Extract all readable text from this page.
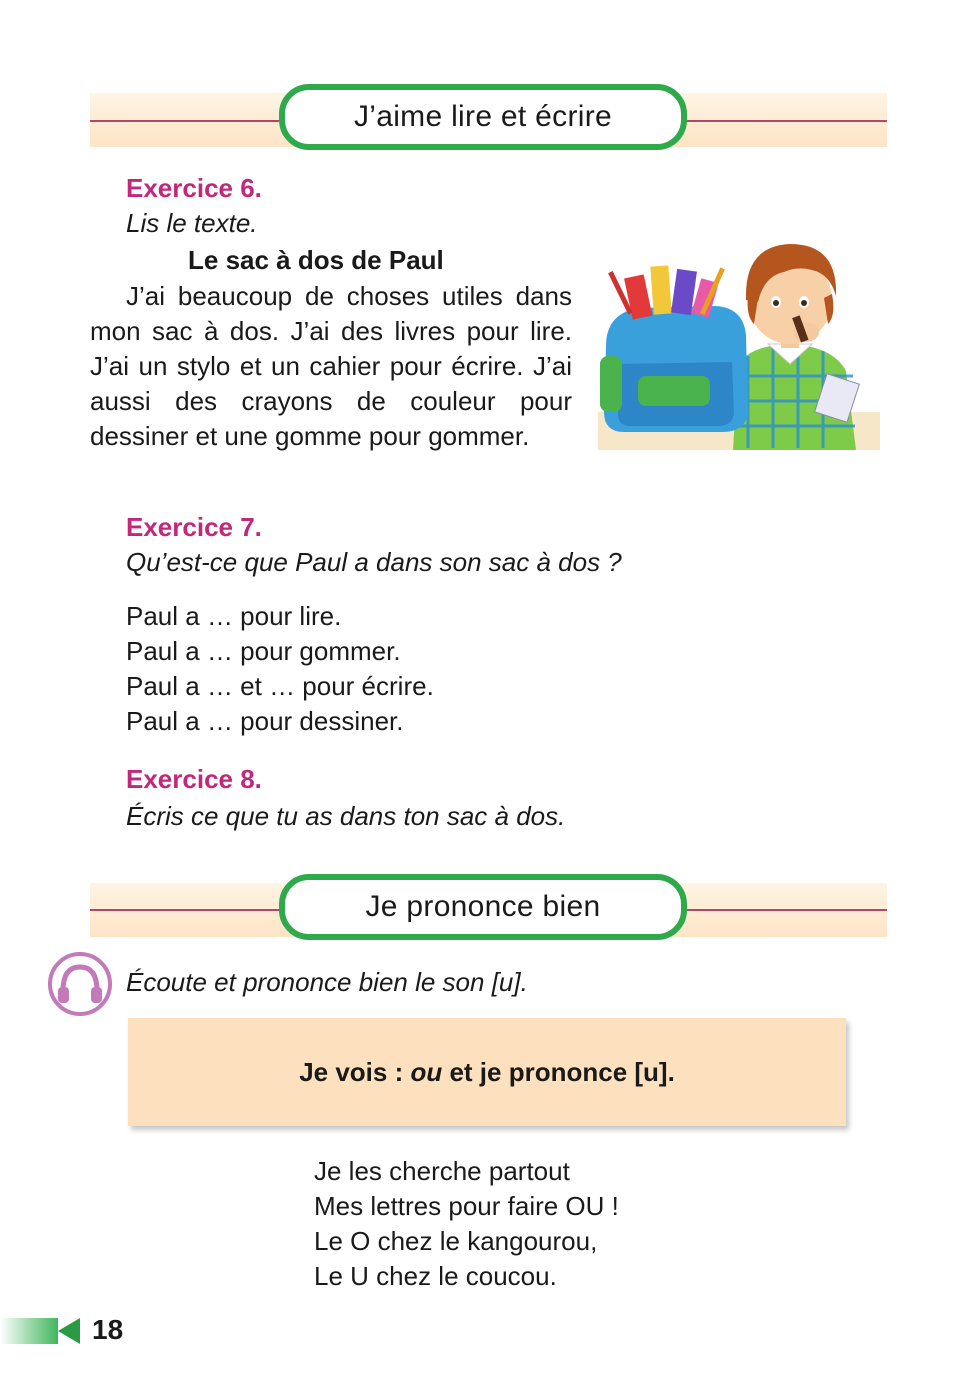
J’aime lire et écrire
Exercice 6.
Lis le texte.
Le sac à dos de Paul
J’ai beaucoup de choses utiles dans mon sac à dos. J’ai des livres pour lire. J’ai un stylo et un cahier pour écrire. J’ai aussi des crayons de couleur pour dessiner et une gomme pour gommer.
Exercice 7.
Qu’est-ce que Paul a dans son sac à dos ?
Paul a … pour lire.
Paul a … pour gommer.
Paul a … et … pour écrire.
Paul a … pour dessiner.
Exercice 8.
Écris ce que tu as dans ton sac à dos.
Je prononce bien
Écoute et prononce bien le son [u].
Je vois : ou et je prononce [u].
Je les cherche partout
Mes lettres pour faire OU !
Le O chez le kangourou,
Le U chez le coucou.
18
